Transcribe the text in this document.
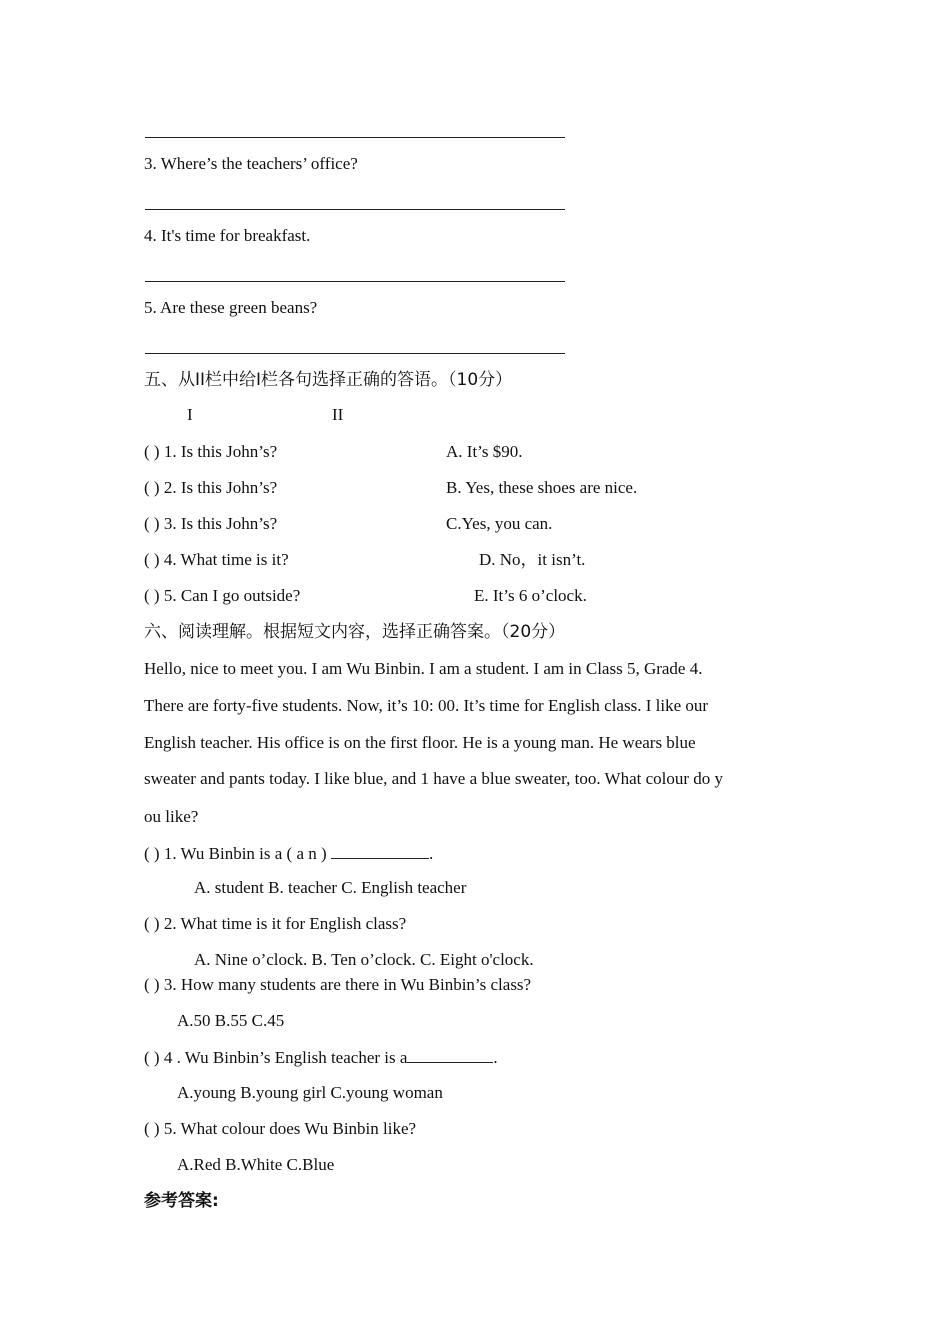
3. Where’s the teachers’ office?
4. It's time for breakfast.
5. Are these green beans?
五、从II栏中给I栏各句选择正确的答语。（10分）
I	II
( ) 1. Is this John’s?	A. It’s $90.
( ) 2. Is this John’s?	B. Yes, these shoes are nice.
( ) 3. Is this John’s?	C.Yes, you can.
( ) 4. What time is it?	D. No，it isn’t.
( ) 5. Can I go outside?	E. It’s 6 o’clock.
六、阅读理解。根据短文内容，选择正确答案。（20分）
Hello, nice to meet you. I am Wu Binbin. I am a student. I am in Class 5, Grade 4.
There are forty-five students. Now, it’s 10: 00. It’s time for English class. I like our
English teacher. His office is on the first floor. He is a young man. He wears blue
sweater and pants today. I like blue, and 1 have a blue sweater, too. What colour do y
ou like?
( ) 1. Wu Binbin is a ( a n )	.
A. student B. teacher C. English teacher
( ) 2. What time is it for English class?
A. Nine o’clock. B. Ten o’clock. C. Eight o'clock.
( ) 3. How many students are there in Wu Binbin’s class?
A.50 B.55 C.45
( ) 4 . Wu Binbin’s English teacher is a	.
A.young B.young girl C.young woman
( ) 5. What colour does Wu Binbin like?
A.Red B.White C.Blue
参考答案:
